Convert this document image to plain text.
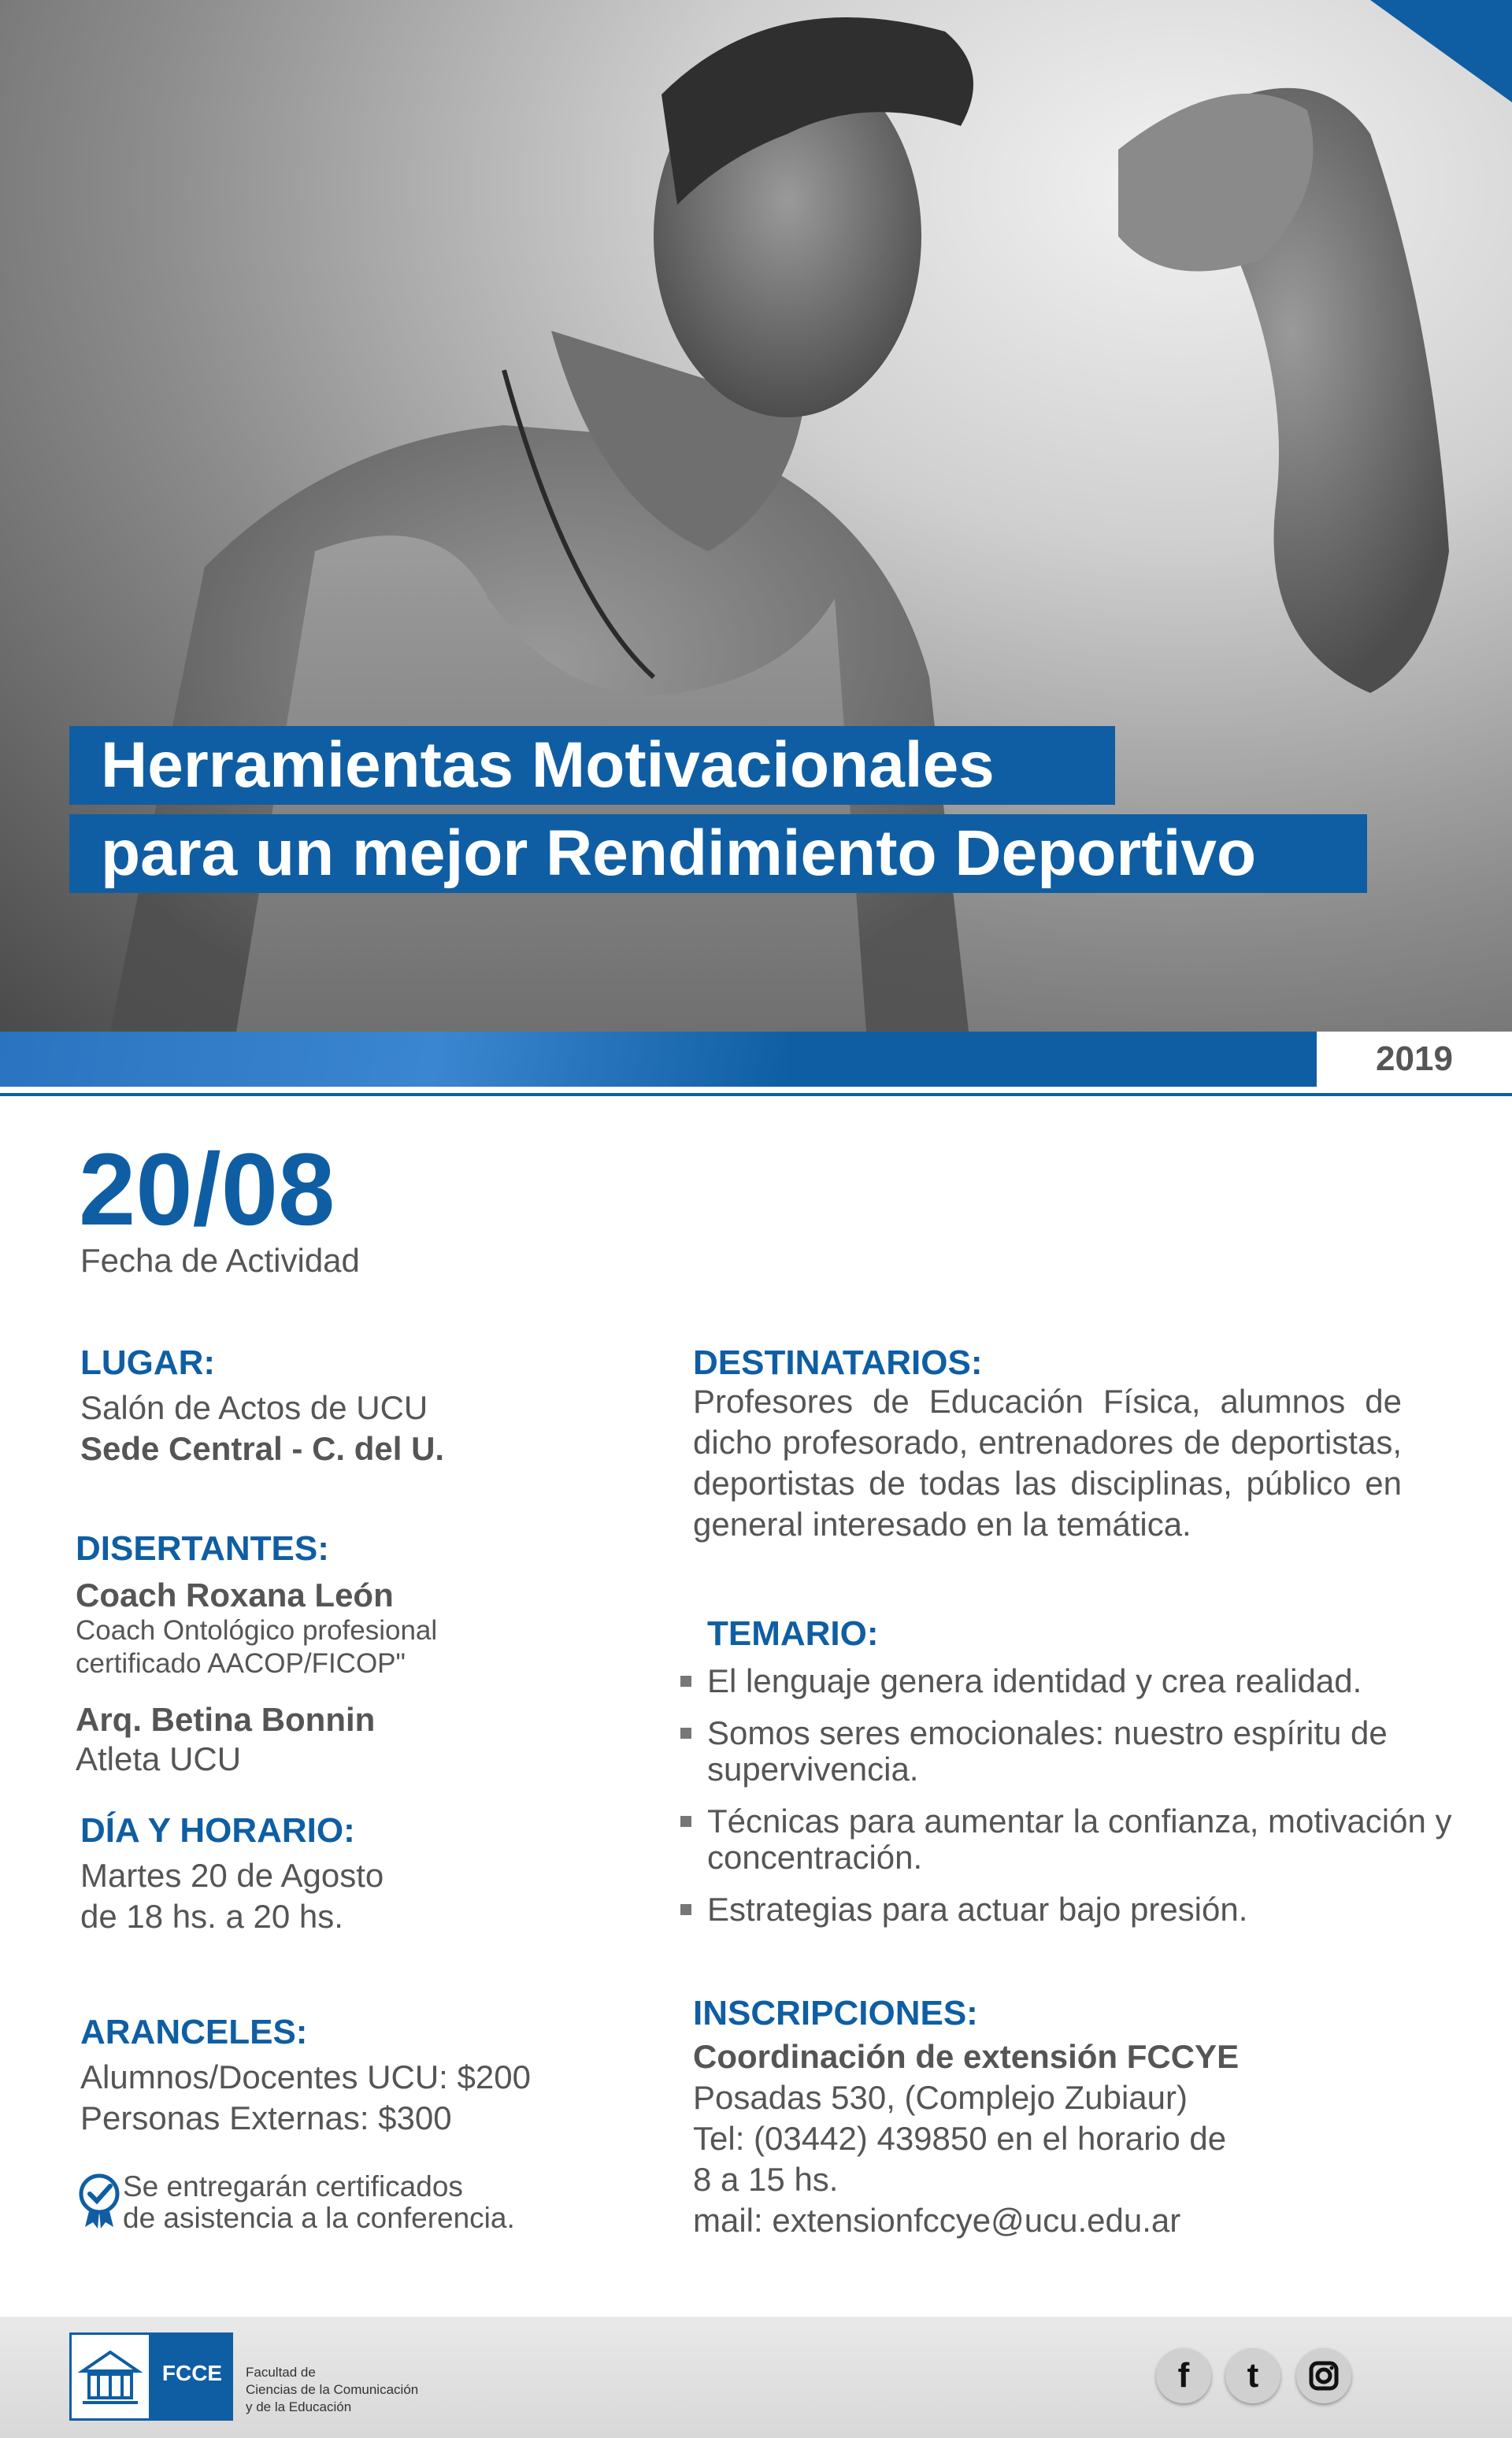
Herramientas Motivacionales
para un mejor Rendimiento Deportivo
2019
20/08
Fecha de Actividad
LUGAR:
Salón de Actos de UCU
Sede Central - C. del U.
DISERTANTES:
Coach Roxana León
Coach Ontológico profesional
certificado AACOP/FICOP"
Arq. Betina Bonnin
Atleta UCU
DÍA Y HORARIO:
Martes 20 de Agosto
de 18 hs. a 20 hs.
ARANCELES:
Alumnos/Docentes UCU: $200
Personas Externas: $300
Se entregarán certificados
de asistencia a la conferencia.
DESTINATARIOS:
Profesores de Educación Física, alumnos de dicho profesorado, entrenadores de deportistas, deportistas de todas las disciplinas, público en general interesado en la temática.
TEMARIO:
El lenguaje genera identidad y crea realidad.
Somos seres emocionales: nuestro espíritu de supervivencia.
Técnicas para aumentar la confianza, motivación y concentración.
Estrategias para actuar bajo presión.
INSCRIPCIONES:
Coordinación de extensión FCCYE
Posadas 530, (Complejo Zubiaur)
Tel: (03442) 439850 en el horario de
8 a 15 hs.
mail: extensionfccye@ucu.edu.ar
FCCE	Facultad de
Ciencias de la Comunicación
y de la Educación
f	t
